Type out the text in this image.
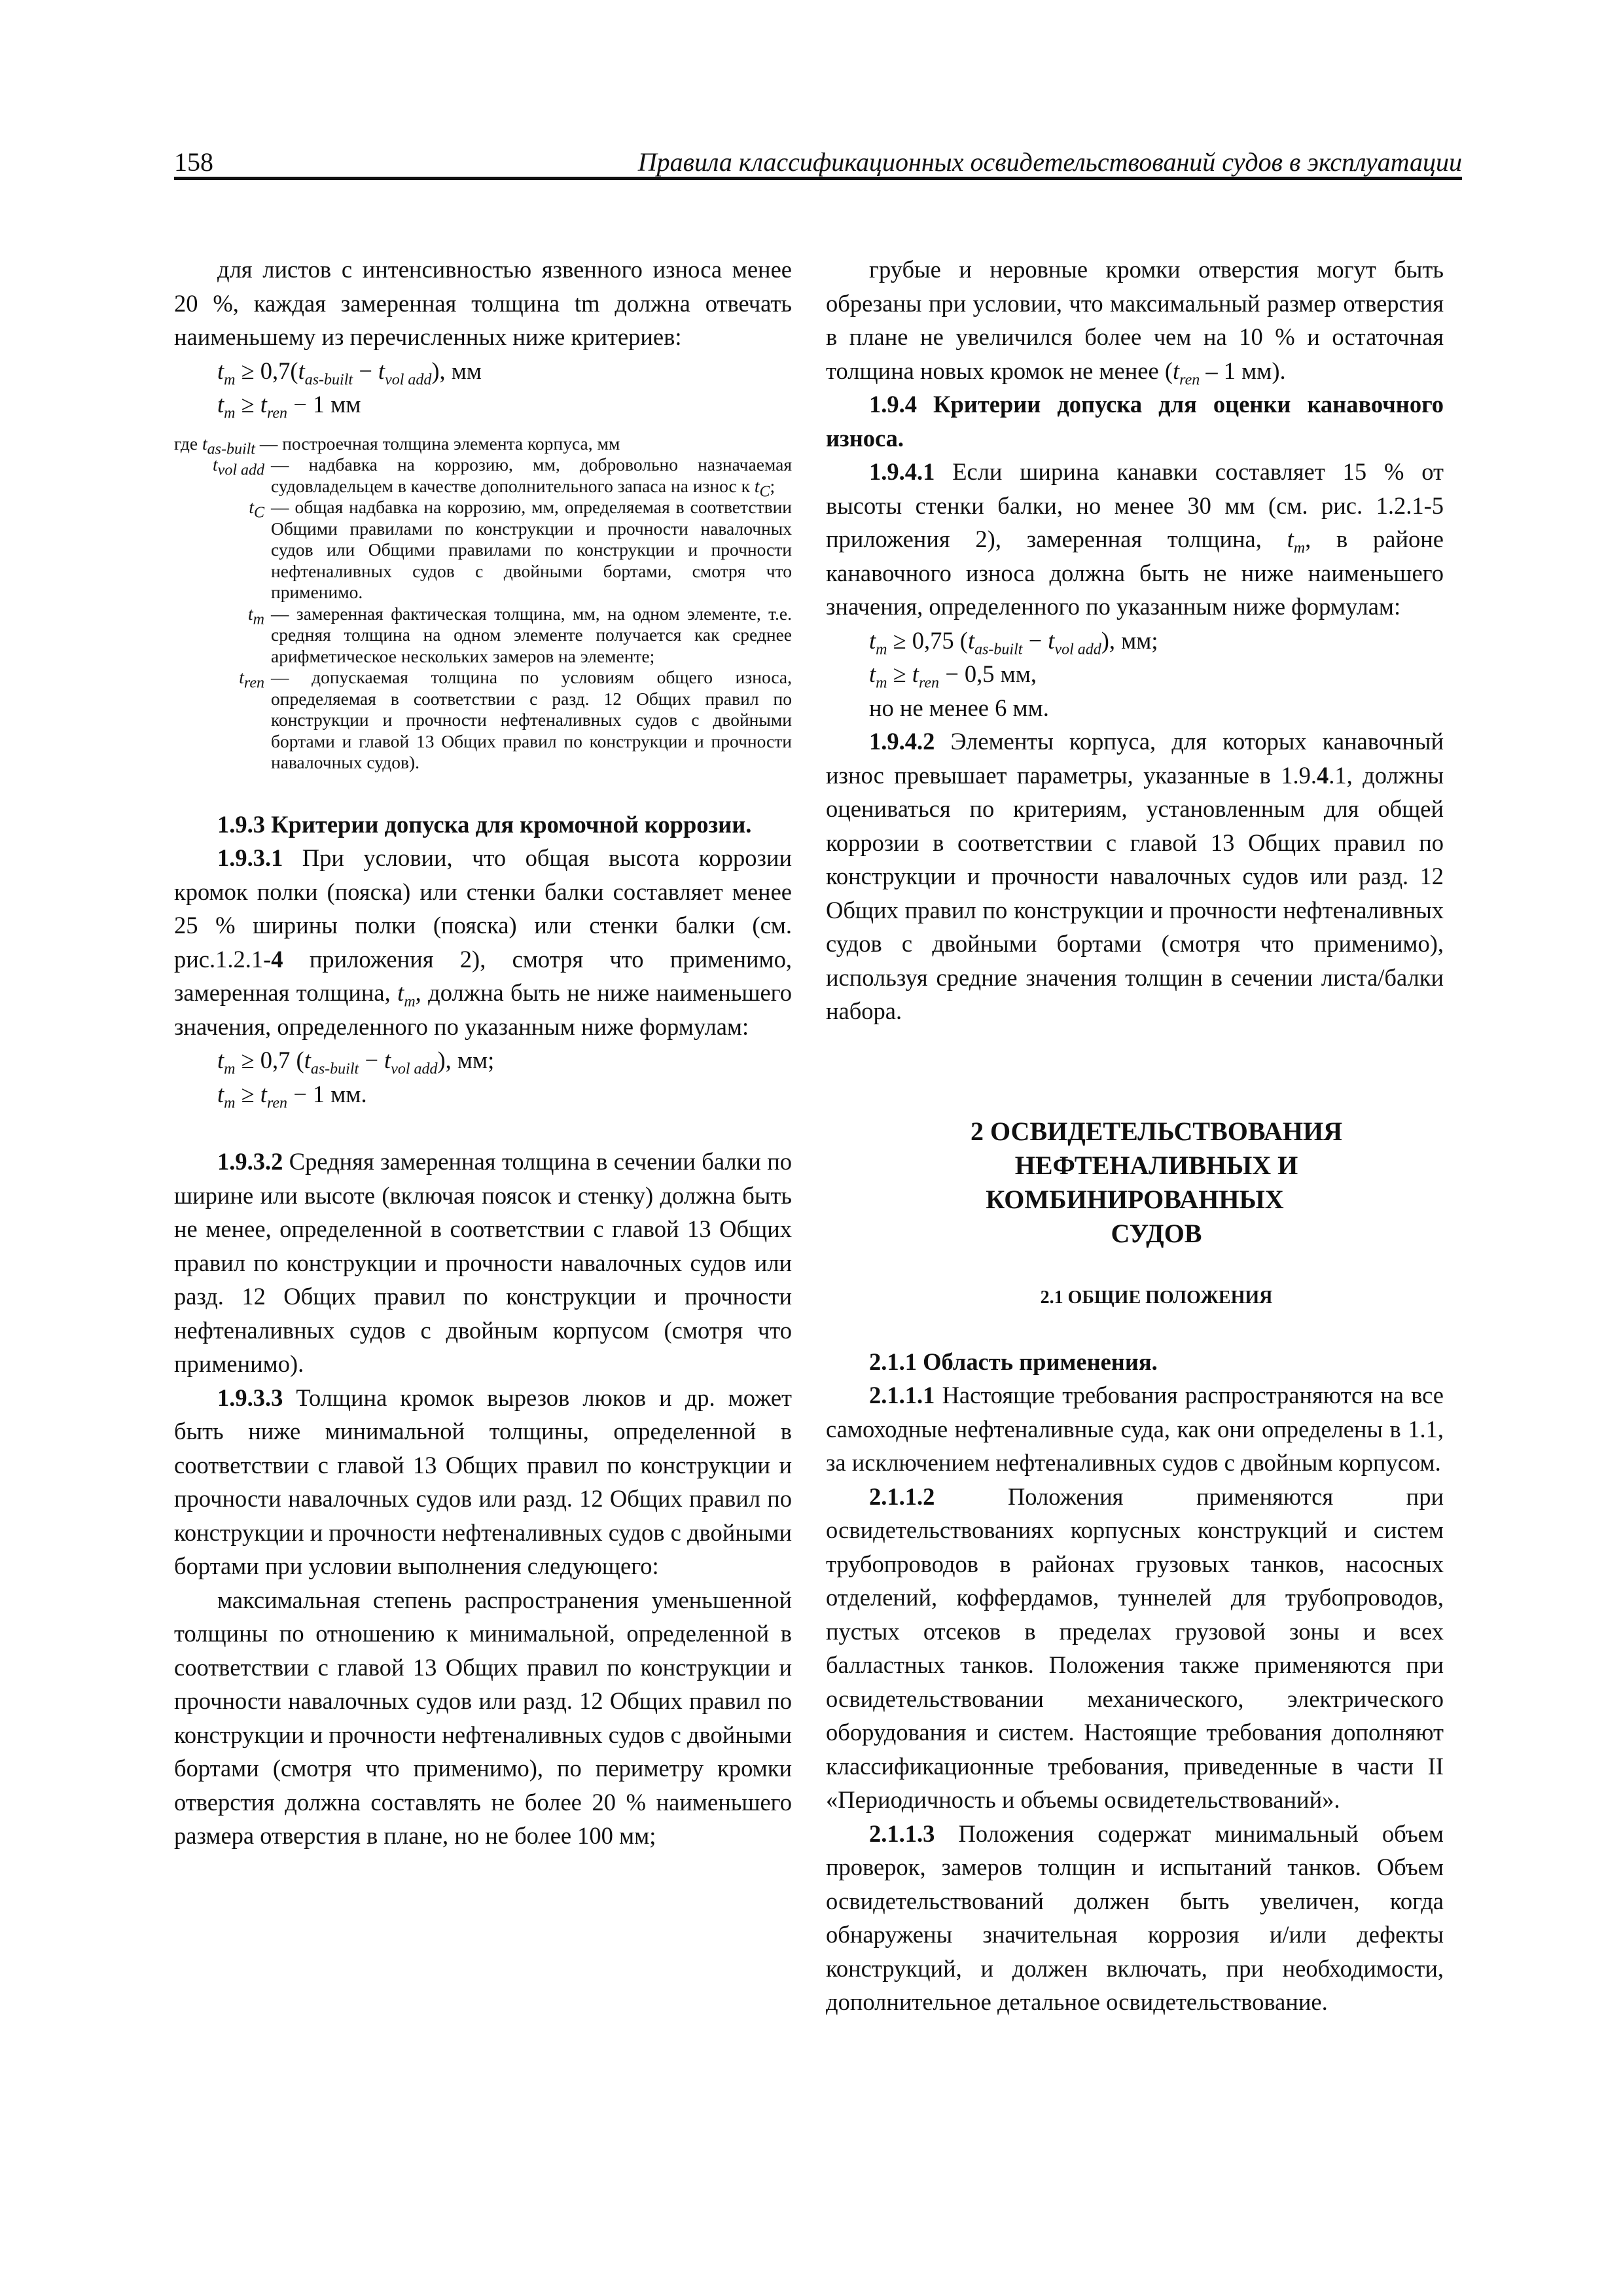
158	Правила классификационных освидетельствований судов в эксплуатации

для листов с интенсивностью язвенного износа менее 20 %, каждая замеренная толщина tm должна отвечать наименьшему из перечисленных ниже критериев:

$t_m \ge 0,7(t_{as-built} - t_{vol add})$, мм
$t_m \ge t_{ren} - 1$ мм
где $t_{as-built}$ — построечная толщина элемента корпуса, мм
$t_{vol add}$ — надбавка на коррозию, мм, добровольно назначаемая судовладельцем в качестве дополнительного запаса на износ к $t_C$;
$t_C$ — общая надбавка на коррозию, мм, определяемая в соответствии Общими правилами по конструкции и прочности навалочных судов или Общими правилами по конструкции и прочности нефтеналивных судов с двойными бортами, смотря что применимо.
$t_m$ — замеренная фактическая толщина, мм, на одном элементе, т.е. средняя толщина на одном элементе получается как среднее арифметическое нескольких замеров на элементе;
$t_{ren}$ — допускаемая толщина по условиям общего износа, определяемая в соответствии с разд. 12 Общих правил по конструкции и прочности нефтеналивных судов с двойными бортами и главой 13 Общих правил по конструкции и прочности навалочных судов).

1.9.3 Критерии допуска для кромочной коррозии.

1.9.3.1 При условии, что общая высота коррозии кромок полки (пояска) или стенки балки составляет менее 25 % ширины полки (пояска) или стенки балки (см. рис.1.2.1-4 приложения 2), смотря что применимо, замеренная толщина, $t_m$, должна быть не ниже наименьшего значения, определенного по указанным ниже формулам:

$t_m \ge 0,7$ $(t_{as-built} - t_{vol add})$, мм;
$t_m \ge t_{ren} - 1$ мм.

1.9.3.2 Средняя замеренная толщина в сечении балки по ширине или высоте (включая поясок и стенку) должна быть не менее, определенной в соответствии с главой 13 Общих правил по конструкции и прочности навалочных судов или разд. 12 Общих правил по конструкции и прочности нефтеналивных судов с двойным корпусом (смотря что применимо).

1.9.3.3 Толщина кромок вырезов люков и др. может быть ниже минимальной толщины, определенной в соответствии с главой 13 Общих правил по конструкции и прочности навалочных судов или разд. 12 Общих правил по конструкции и прочности нефтеналивных судов с двойными бортами при условии выполнения следующего:

максимальная степень распространения уменьшенной толщины по отношению к минимальной, определенной в соответствии с главой 13 Общих правил по конструкции и прочности навалочных судов или разд. 12 Общих правил по конструкции и прочности нефтеналивных судов с двойными бортами (смотря что применимо), по периметру кромки отверстия должна составлять не более 20 % наименьшего размера отверстия в плане, но не более 100 мм;

грубые и неровные кромки отверстия могут быть обрезаны при условии, что максимальный размер отверстия в плане не увеличился более чем на 10 % и остаточная толщина новых кромок не менее ($t_{ren} - 1$ мм).

1.9.4 Критерии допуска для оценки канавочного износа.

1.9.4.1 Если ширина канавки составляет 15 % от высоты стенки балки, но менее 30 мм (см. рис. 1.2.1-5 приложения 2), замеренная толщина, $t_m$, в районе канавочного износа должна быть не ниже наименьшего значения, определенного по указанным ниже формулам:

$t_m \ge 0,75$ $(t_{as-built} - t_{vol add})$, мм;
$t_m \ge t_{ren} - 0,5$ мм,
но не менее 6 мм.

1.9.4.2 Элементы корпуса, для которых канавочный износ превышает параметры, указанные в 1.9.4.1, должны оцениваться по критериям, установленным для общей коррозии в соответствии с главой 13 Общих правил по конструкции и прочности навалочных судов или разд. 12 Общих правил по конструкции и прочности нефтеналивных судов с двойными бортами (смотря что применимо), используя средние значения толщин в сечении листа/балки набора.

2 ОСВИДЕТЕЛЬСТВОВАНИЯ

НЕФТЕНАЛИВНЫХ И КОМБИНИРОВАННЫХ

СУДОВ

2.1 ОБЩИЕ ПОЛОЖЕНИЯ

2.1.1 Область применения.

2.1.1.1 Настоящие требования распространяются на все самоходные нефтеналивные суда, как они определены в 1.1, за исключением нефтеналивных судов с двойным корпусом.

2.1.1.2 Положения применяются при освидетельствованиях корпусных конструкций и систем трубопроводов в районах грузовых танков, насосных отделений, коффердамов, туннелей для трубопроводов, пустых отсеков в пределах грузовой зоны и всех балластных танков. Положения также применяются при освидетельствовании механического, электрического оборудования и систем. Настоящие требования дополняют классификационные требования, приведенные в части II «Периодичность и объемы освидетельствований».

2.1.1.3 Положения содержат минимальный объем проверок, замеров толщин и испытаний танков. Объем освидетельствований должен быть увеличен, когда обнаружены значительная коррозия и/или дефекты конструкций, и должен включать, при необходимости, дополнительное детальное освидетельствование.
